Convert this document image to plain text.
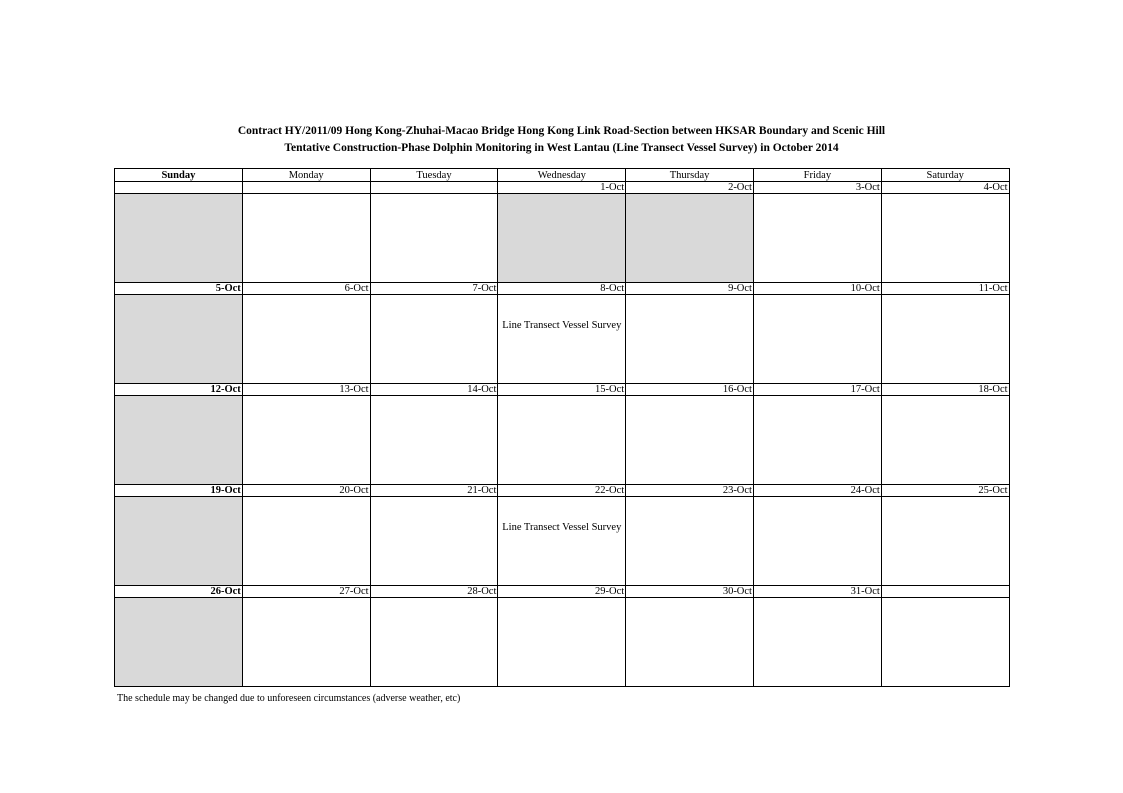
Contract HY/2011/09 Hong Kong-Zhuhai-Macao Bridge Hong Kong Link Road-Section between HKSAR Boundary and Scenic Hill
Tentative Construction-Phase Dolphin Monitoring in West Lantau (Line Transect Vessel Survey) in October 2014
Sunday	Monday	Tuesday	Wednesday	Thursday	Friday	Saturday
			1-Oct	2-Oct	3-Oct	4-Oct

5-Oct	6-Oct	7-Oct	8-Oct	9-Oct	10-Oct	11-Oct

			Line Transect Vessel Survey			

12-Oct	13-Oct	14-Oct	15-Oct	16-Oct	17-Oct	18-Oct

19-Oct	20-Oct	21-Oct	22-Oct	23-Oct	24-Oct	25-Oct

			Line Transect Vessel Survey			

26-Oct	27-Oct	28-Oct	29-Oct	30-Oct	31-Oct	

The schedule may be changed due to unforeseen circumstances (adverse weather, etc)
